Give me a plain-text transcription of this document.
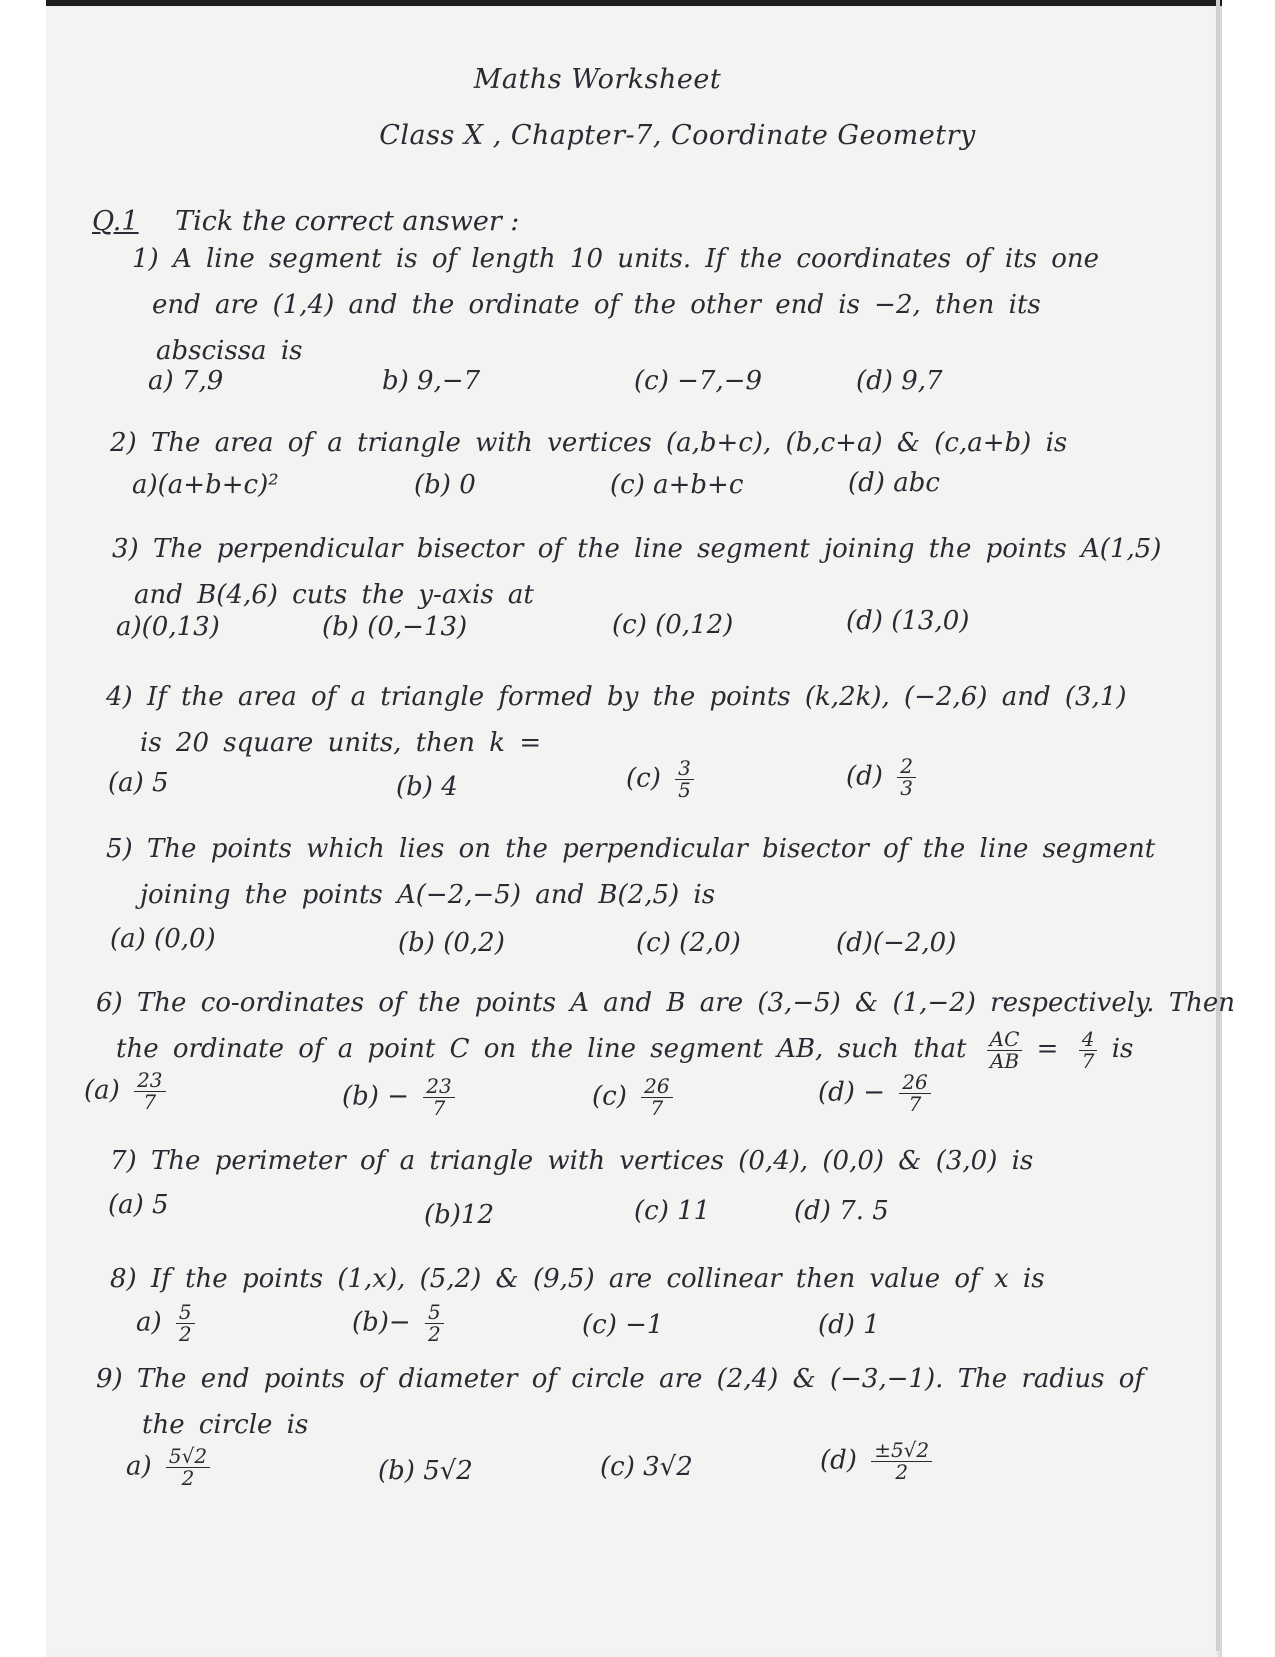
Maths Worksheet
Class X , Chapter-7, Coordinate Geometry
Q.1 Tick the correct answer :
1) A line segment is of length 10 units. If the coordinates of its one
end are (1,4) and the ordinate of the other end is −2, then its
abscissa is
a) 7,9	b) 9,−7	(c) −7,−9	(d) 9,7
2) The area of a triangle with vertices (a,b+c), (b,c+a) & (c,a+b) is
a)(a+b+c)²	(b) 0	(c) a+b+c	(d) abc
3) The perpendicular bisector of the line segment joining the points A(1,5)
and B(4,6) cuts the y-axis at
a)(0,13)	(b) (0,−13)	(c) (0,12)	(d) (13,0)
4) If the area of a triangle formed by the points (k,2k), (−2,6) and (3,1)
is 20 square units, then k =
(a) 5	(b) 4	$(c) \frac{3}{5}$	$(d) \frac{2}{3}$
5) The points which lies on the perpendicular bisector of the line segment
joining the points A(−2,−5) and B(2,5) is
(a) (0,0)	(b) (0,2)	(c) (2,0)	(d)(−2,0)
6) The co-ordinates of the points A and B are (3,−5) & (1,−2) respectively. Then
the ordinate of a point C on the line segment AB, such that $\frac{AC}{AB} = \frac{4}{7}$ is
$(a) \frac{23}{7}$	$(b) - \frac{23}{7}$	$(c) \frac{26}{7}$	$(d) - \frac{26}{7}$
7) The perimeter of a triangle with vertices (0,4), (0,0) & (3,0) is
(a) 5	(b)12	(c) 11	(d) 7. 5
8) If the points (1,x), (5,2) & (9,5) are collinear then value of x is
$a) \frac{5}{2}$	$(b)- \frac{5}{2}$	(c) −1	(d) 1
9) The end points of diameter of circle are (2,4) & (−3,−1). The radius of
the circle is
$a) \frac{5√2}{2}$	(b) 5√2	(c) 3√2	$(d) \frac{\pm 5√2}{2}$
